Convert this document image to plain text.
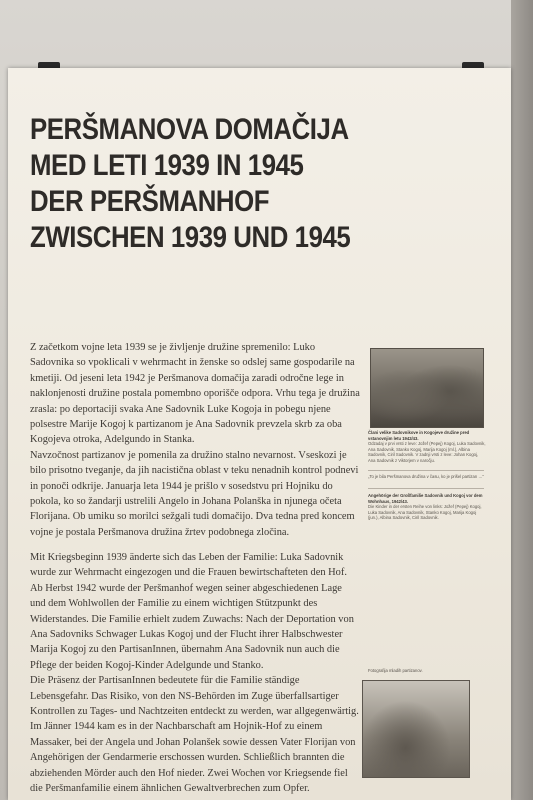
PERŠMANOVA DOMAČIJA
MED LETI 1939 IN 1945
DER PERŠMANHOF
ZWISCHEN 1939 UND 1945

Z začetkom vojne leta 1939 se je življenje družine spremenilo: Luko Sadovnika so vpoklicali v wehrmacht in ženske so odslej same gospodarile na kmetiji. Od jeseni leta 1942 je Peršmanova domačija zaradi odročne lege in naklonjenosti družine postala pomembno oporišče odpora. Vrhu tega je družina zrasla: po deportaciji svaka Ane Sadovnik Luke Kogoja in pobegu njene polsestre Marije Kogoj k partizanom je Ana Sadovnik prevzela skrb za oba Kogojeva otroka, Adelgundo in Stanka.

Navzočnost partizanov je pomenila za družino stalno nevarnost. Vseskozi je bilo prisotno tveganje, da jih nacistična oblast v teku nenadnih kontrol podnevi in ponoči odkrije. Januarja leta 1944 je prišlo v sosedstvu pri Hojniku do pokola, ko so žandarji ustrelili Angelo in Johana Polanška in njunega očeta Florijana. Ob umiku so morilci sežgali tudi domačijo. Dva tedna pred koncem vojne je postala Peršmanova družina žrtev podobnega zločina.

Mit Kriegsbeginn 1939 änderte sich das Leben der Familie: Luka Sadovnik wurde zur Wehrmacht eingezogen und die Frauen bewirtschafteten den Hof. Ab Herbst 1942 wurde der Peršmanhof wegen seiner abgeschiedenen Lage und dem Wohlwollen der Familie zu einem wichtigen Stützpunkt des Widerstandes. Die Familie erhielt zudem Zuwachs: Nach der Deportation von Ana Sadovniks Schwager Lukas Kogoj und der Flucht ihrer Halbschwester Marija Kogoj zu den PartisanInnen, übernahm Ana Sadovnik nun auch die Pflege der beiden Kogoj-Kinder Adelgunde und Stanko.

Die Präsenz der PartisanInnen bedeutete für die Familie ständige Lebensgefahr. Das Risiko, von den NS-Behörden im Zuge überfallsartiger Kontrollen zu Tages- und Nachtzeiten entdeckt zu werden, war allgegenwärtig. Im Jänner 1944 kam es in der Nachbarschaft am Hojnik-Hof zu einem Massaker, bei der Angela und Johan Polanšek sowie dessen Vater Florijan von Angehörigen der Gendarmerie erschossen wurden. Schließlich brannten die abziehenden Mörder auch den Hof nieder. Zwei Wochen vor Kriegsende fiel die Peršmanfamilie einem ähnlichen Gewaltverbrechen zum Opfer.

Člani velike Sadovnikove in Kogojeve družine pred vstanovnjim letu 1942/43.
Odzadaj v prvi vrsti z leve: Jožef (Pepej) Kogoj, Luka Sadovnik, Ana Sadovnik, Stanko Kogoj, Marija Kogoj (ml.), Albina Sadovnik, Ciril Sadovnik. V zadnji vrsti z leve: Johan Kogoj, Ana Sadovnik z Viktorjem v naročju.
„To je bila Peršmanova družina v času, ko je prišel partizan …“
Angehörige der Großfamilie Sadovnik und Kogoj vor dem Wohnhaus, 1942/43.
Die Kinder in der ersten Reihe von links: Jožef (Pepej) Kogoj, Luka Sadovnik, Ana Sadovnik, Stanko Kogoj, Marija Kogoj (jun.), Albina Sadovnik, Ciril Sadovnik.
Fotografija mladih partizanov.
